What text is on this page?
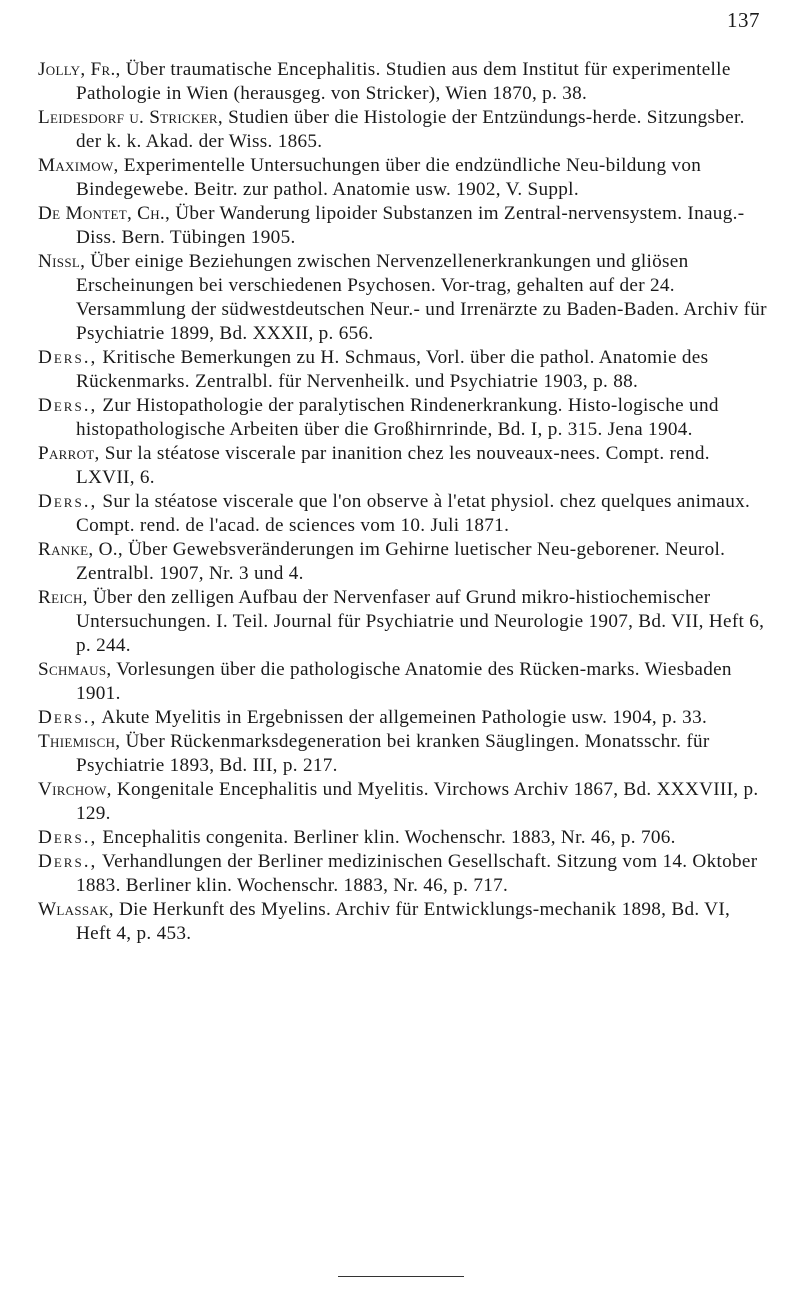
137

Jolly, Fr., Über traumatische Encephalitis. Studien aus dem Institut für experimentelle Pathologie in Wien (herausgeg. von Stricker), Wien 1870, p. 38.

Leidesdorf u. Stricker, Studien über die Histologie der Entzündungs-herde. Sitzungsber. der k. k. Akad. der Wiss. 1865.

Maximow, Experimentelle Untersuchungen über die endzündliche Neu-bildung von Bindegewebe. Beitr. zur pathol. Anatomie usw. 1902, V. Suppl.

De Montet, Ch., Über Wanderung lipoider Substanzen im Zentral-nervensystem. Inaug.-Diss. Bern. Tübingen 1905.

Nissl, Über einige Beziehungen zwischen Nervenzellenerkrankungen und gliösen Erscheinungen bei verschiedenen Psychosen. Vor-trag, gehalten auf der 24. Versammlung der südwestdeutschen Neur.- und Irrenärzte zu Baden-Baden. Archiv für Psychiatrie 1899, Bd. XXXII, p. 656.

Ders., Kritische Bemerkungen zu H. Schmaus, Vorl. über die pathol. Anatomie des Rückenmarks. Zentralbl. für Nervenheilk. und Psychiatrie 1903, p. 88.

Ders., Zur Histopathologie der paralytischen Rindenerkrankung. Histo-logische und histopathologische Arbeiten über die Großhirnrinde, Bd. I, p. 315. Jena 1904.

Parrot, Sur la stéatose viscerale par inanition chez les nouveaux-nees. Compt. rend. LXVII, 6.

Ders., Sur la stéatose viscerale que l'on observe à l'etat physiol. chez quelques animaux. Compt. rend. de l'acad. de sciences vom 10. Juli 1871.

Ranke, O., Über Gewebsveränderungen im Gehirne luetischer Neu-geborener. Neurol. Zentralbl. 1907, Nr. 3 und 4.

Reich, Über den zelligen Aufbau der Nervenfaser auf Grund mikro-histiochemischer Untersuchungen. I. Teil. Journal für Psychiatrie und Neurologie 1907, Bd. VII, Heft 6, p. 244.

Schmaus, Vorlesungen über die pathologische Anatomie des Rücken-marks. Wiesbaden 1901.

Ders., Akute Myelitis in Ergebnissen der allgemeinen Pathologie usw. 1904, p. 33.

Thiemisch, Über Rückenmarksdegeneration bei kranken Säuglingen. Monatsschr. für Psychiatrie 1893, Bd. III, p. 217.

Virchow, Kongenitale Encephalitis und Myelitis. Virchows Archiv 1867, Bd. XXXVIII, p. 129.

Ders., Encephalitis congenita. Berliner klin. Wochenschr. 1883, Nr. 46, p. 706.

Ders., Verhandlungen der Berliner medizinischen Gesellschaft. Sitzung vom 14. Oktober 1883. Berliner klin. Wochenschr. 1883, Nr. 46, p. 717.

Wlassak, Die Herkunft des Myelins. Archiv für Entwicklungs-mechanik 1898, Bd. VI, Heft 4, p. 453.
